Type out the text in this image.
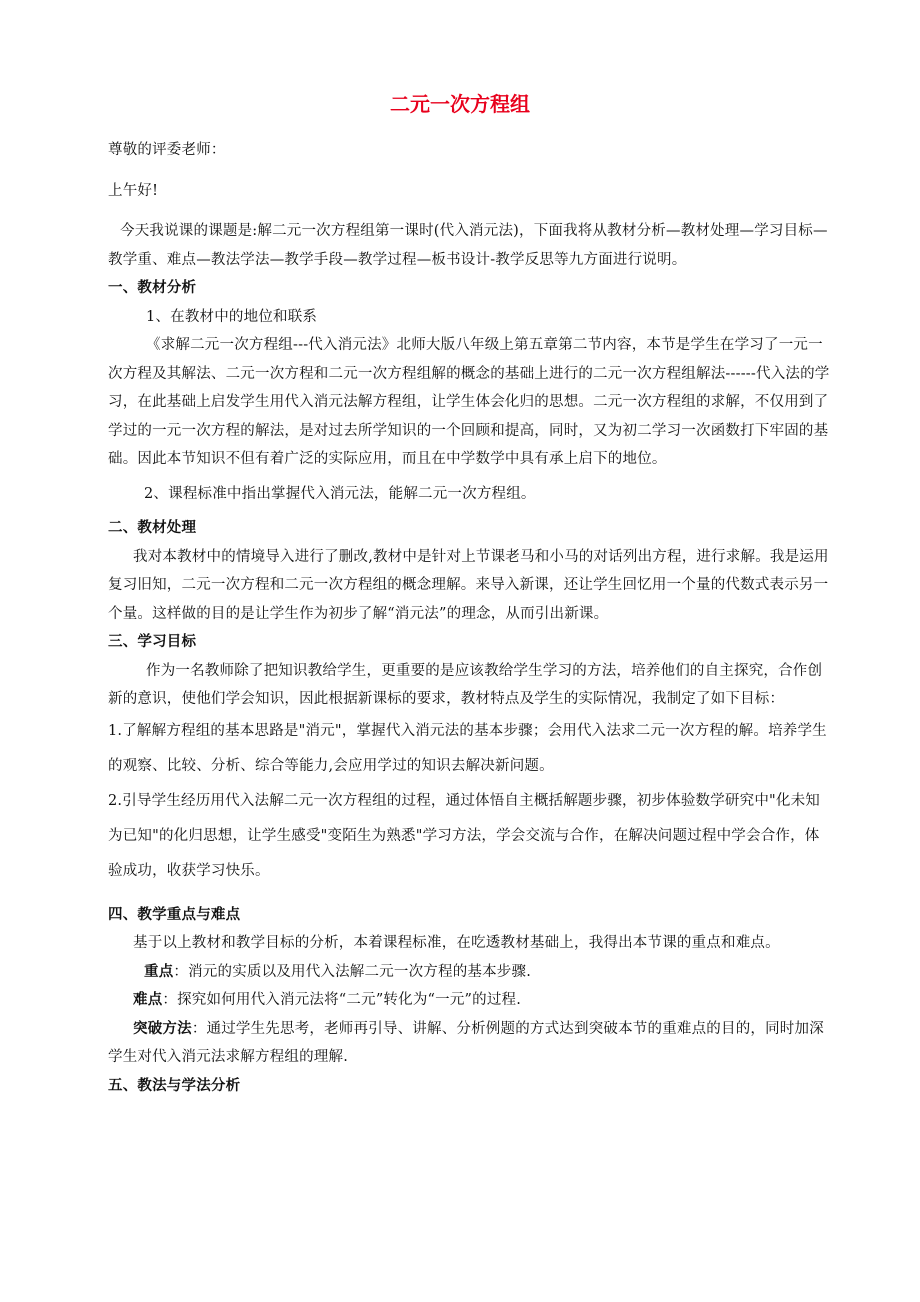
二元一次方程组

尊敬的评委老师：

上午好!

今天我说课的课题是:解二元一次方程组第一课时(代入消元法)，下面我将从教材分析—教材处理—学习目标—教学重、难点—教法学法—教学手段—教学过程—板书设计-教学反思等九方面进行说明。

一、教材分析

1、在教材中的地位和联系

《求解二元一次方程组---代入消元法》北师大版八年级上第五章第二节内容，本节是学生在学习了一元一次方程及其解法、二元一次方程和二元一次方程组解的概念的基础上进行的二元一次方程组解法------代入法的学习，在此基础上启发学生用代入消元法解方程组，让学生体会化归的思想。二元一次方程组的求解，不仅用到了学过的一元一次方程的解法，是对过去所学知识的一个回顾和提高，同时，又为初二学习一次函数打下牢固的基础。因此本节知识不但有着广泛的实际应用，而且在中学数学中具有承上启下的地位。

2、课程标准中指出掌握代入消元法，能解二元一次方程组。

二、教材处理

我对本教材中的情境导入进行了删改,教材中是针对上节课老马和小马的对话列出方程，进行求解。我是运用复习旧知，二元一次方程和二元一次方程组的概念理解。来导入新课，还让学生回忆用一个量的代数式表示另一个量。这样做的目的是让学生作为初步了解“消元法”的理念，从而引出新课。

三、学习目标

作为一名教师除了把知识教给学生，更重要的是应该教给学生学习的方法，培养他们的自主探究，合作创新的意识，使他们学会知识，因此根据新课标的要求，教材特点及学生的实际情况，我制定了如下目标：

1.了解解方程组的基本思路是"消元"，掌握代入消元法的基本步骤；会用代入法求二元一次方程的解。培养学生的观察、比较、分析、综合等能力,会应用学过的知识去解决新问题。

2.引导学生经历用代入法解二元一次方程组的过程，通过体悟自主概括解题步骤，初步体验数学研究中"化未知为已知"的化归思想，让学生感受"变陌生为熟悉"学习方法，学会交流与合作，在解决问题过程中学会合作，体验成功，收获学习快乐。

四、教学重点与难点

基于以上教材和教学目标的分析，本着课程标准，在吃透教材基础上，我得出本节课的重点和难点。

重点：消元的实质以及用代入法解二元一次方程的基本步骤.

难点：探究如何用代入消元法将“二元”转化为“一元”的过程.

突破方法：通过学生先思考，老师再引导、讲解、分析例题的方式达到突破本节的重难点的目的，同时加深学生对代入消元法求解方程组的理解.

五、教法与学法分析
